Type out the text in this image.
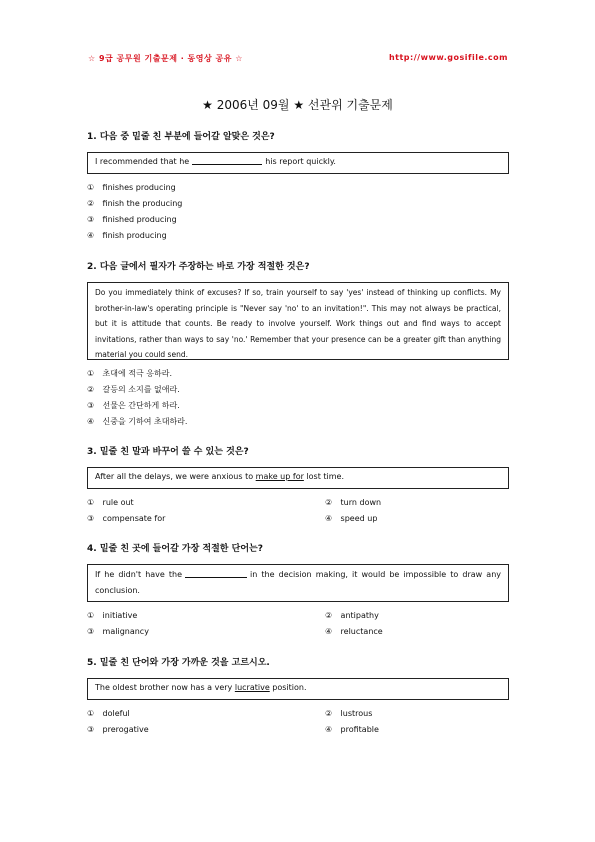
☆ 9급 공무원 기출문제 · 동영상 공유 ☆	http://www.gosifile.com
★ 2006년 09월 ★ 선관위 기출문제
1. 다음 중 밑줄 친 부분에 들어갈 알맞은 것은?
I recommended that he	his report quickly.
① finishes producing
② finish the producing
③ finished producing
④ finish producing
2. 다음 글에서 필자가 주장하는 바로 가장 적절한 것은?
Do you immediately think of excuses? If so, train yourself to say 'yes' instead of thinking up conflicts. My brother-in-law's operating principle is "Never say 'no' to an invitation!". This may not always be practical, but it is attitude that counts. Be ready to involve yourself. Work things out and find ways to accept invitations, rather than ways to say 'no.' Remember that your presence can be a greater gift than anything material you could send.
① 초대에 적극 응하라.
② 갈등의 소지를 없애라.
③ 선물은 간단하게 하라.
④ 신중을 기하여 초대하라.
3. 밑줄 친 말과 바꾸어 쓸 수 있는 것은?
After all the delays, we were anxious to make up for lost time.
① rule out	② turn down
③ compensate for	④ speed up
4. 밑줄 친 곳에 들어갈 가장 적절한 단어는?
If he didn't have the	in the decision making, it would be impossible to draw any conclusion.
① initiative	② antipathy
③ malignancy	④ reluctance
5. 밑줄 친 단어와 가장 가까운 것을 고르시오.
The oldest brother now has a very lucrative position.
① doleful	② lustrous
③ prerogative	④ profitable
